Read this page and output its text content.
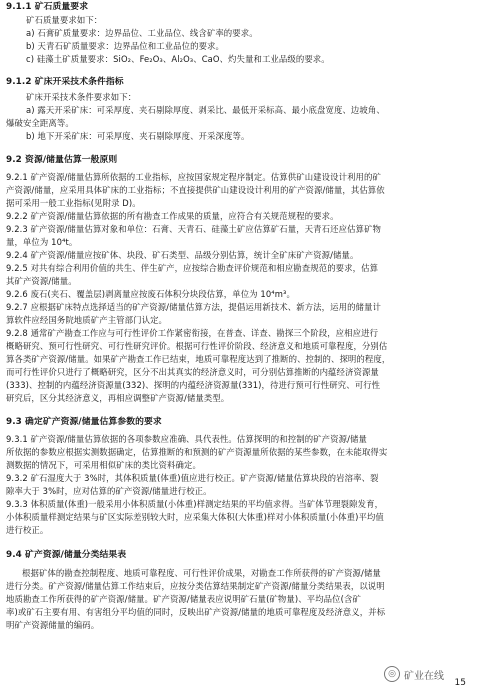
9.1.1 矿石质量要求
矿石质量要求如下：
a) 石膏矿质量要求：边界品位、工业品位、线含矿率的要求。
b) 天青石矿质量要求：边界品位和工业品位的要求。
c) 硅藻土矿质量要求：SiO₂、Fe₂O₃、Al₂O₃、CaO、灼失量和工业品级的要求。
9.1.2 矿床开采技术条件指标
矿床开采技术条件要求如下：
a) 露天开采矿床：可采厚度、夹石剔除厚度、剥采比、最低开采标高、最小底盘宽度、边坡角、
爆破安全距离等。
b) 地下开采矿床：可采厚度、夹石剔除厚度、开采深度等。
9.2 资源/储量估算一般原则
9.2.1 矿产资源/储量估算所依据的工业指标，应按国家规定程序制定。估算供矿山建设设计利用的矿
产资源/储量，应采用具体矿床的工业指标；不直接提供矿山建设设计利用的矿产资源/储量，其估算依
据可采用一般工业指标(见附录 D)。
9.2.2 矿产资源/储量估算依据的所有勘查工作成果的质量，应符合有关规范规程的要求。
9.2.3 矿产资源/储量估算对象和单位：石膏、天青石、硅藻土矿应估算矿石量，天青石还应估算矿物
量，单位为 10⁴t。
9.2.4 矿产资源/储量应按矿体、块段、矿石类型、品级分别估算，统计全矿床矿产资源/储量。
9.2.5 对共有综合利用价值的共生、伴生矿产，应按综合勘查评价规范和相应勘查规范的要求，估算
其矿产资源/储量。
9.2.6 废石(夹石、覆盖层)剥离量应按废石体积分块段估算，单位为 10⁴m³。
9.2.7 应根据矿床特点选择适当的矿产资源/储量估算方法，提倡运用新技术、新方法，运用的储量计
算软件应经国务院地质矿产主管部门认定。
9.2.8 通常矿产勘查工作应与可行性评价工作紧密衔接，在普查、详查、勘探三个阶段，应相应进行
概略研究、预可行性研究、可行性研究评价。根据可行性评价阶段、经济意义和地质可靠程度，分别估
算各类矿产资源/储量。如果矿产勘查工作已结束，地质可靠程度达到了推断的、控制的、探明的程度，
而可行性评价只进行了概略研究，区分不出其真实的经济意义时，可分别估算推断的内蕴经济资源量
(333)、控制的内蕴经济资源量(332)、探明的内蕴经济资源量(331)，待进行预可行性研究、可行性
研究后，区分其经济意义，再相应调整矿产资源/储量类型。
9.3 确定矿产资源/储量估算参数的要求
9.3.1 矿产资源/储量估算依据的各项参数应准确、具代表性。估算探明的和控制的矿产资源/储量
所依据的参数应根据实测数据确定，估算推断的和预测的矿产资源量所依据的某些参数，在未能取得实
测数据的情况下，可采用相似矿床的类比资料确定。
9.3.2 矿石湿度大于 3%时，其体积质量(体重)值应进行校正。矿产资源/储量估算块段的岩溶率、裂
隙率大于 3%时，应对估算的矿产资源/储量进行校正。
9.3.3 体积质量(体重)一般采用小体积质量(小体重)样测定结果的平均值求得。当矿体节理裂隙发育，
小体积质量样测定结果与矿区实际差别较大时，应采集大体积(大体重)样对小体积质量(小体重)平均值
进行校正。
9.4 矿产资源/储量分类结果表
根据矿体的勘查控制程度、地质可靠程度、可行性评价成果，对勘查工作所获得的矿产资源/储量
进行分类。矿产资源/储量估算工作结束后，应按分类估算结果制定矿产资源/储量分类结果表，以说明
地质勘查工作所获得的矿产资源/储量。矿产资源/储量表应说明矿石量(矿物量)、平均品位(含矿
率)或矿石主要有用、有害组分平均值的同时，反映出矿产资源/储量的地质可靠程度及经济意义，并标
明矿产资源储量的编码。
◎ 矿业在线
15
